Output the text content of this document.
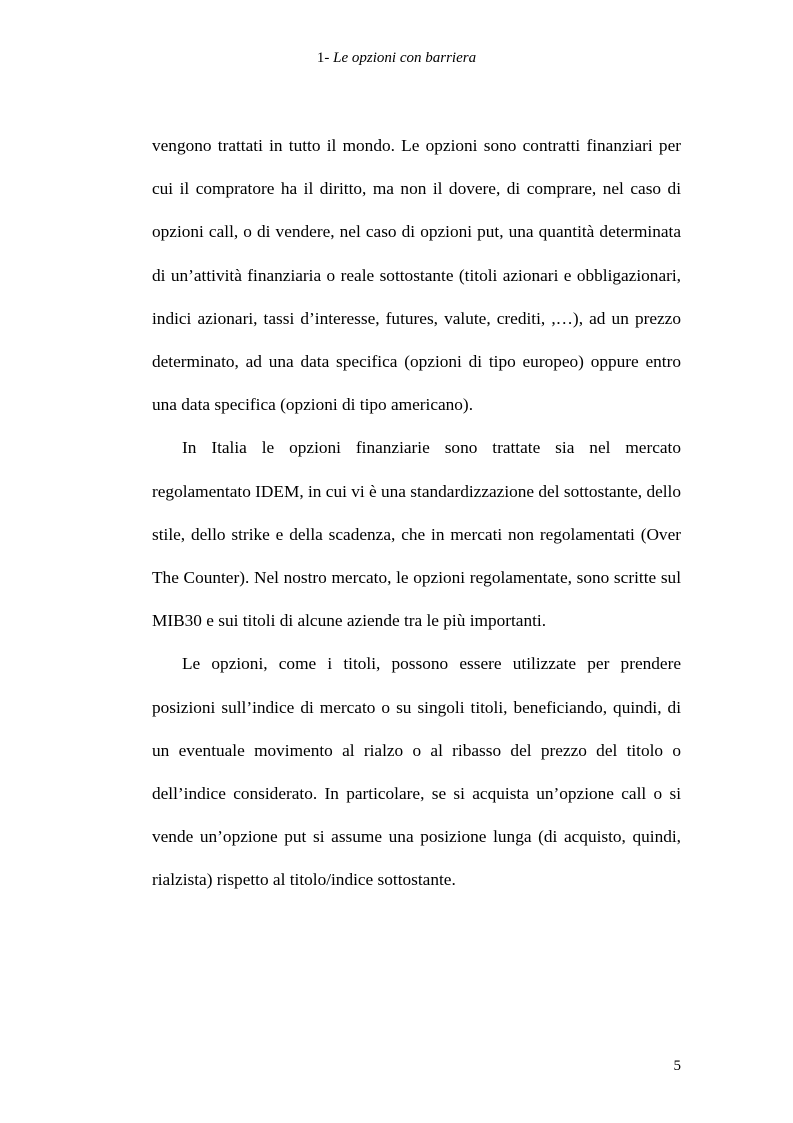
1- Le opzioni con barriera

vengono trattati in tutto il mondo. Le opzioni sono contratti finanziari per cui il compratore ha il diritto, ma non il dovere, di comprare, nel caso di opzioni call, o di vendere, nel caso di opzioni put, una quantità determinata di un’attività finanziaria o reale sottostante (titoli azionari e obbligazionari, indici azionari, tassi d’interesse, futures, valute, crediti, ,…), ad un prezzo determinato, ad una data specifica (opzioni di tipo europeo) oppure entro una data specifica (opzioni di tipo americano).

In Italia le opzioni finanziarie sono trattate sia nel mercato regolamentato IDEM, in cui vi è una standardizzazione del sottostante, dello stile, dello strike e della scadenza, che in mercati non regolamentati (Over The Counter). Nel nostro mercato, le opzioni regolamentate, sono scritte sul MIB30 e sui titoli di alcune aziende tra le più importanti.

Le opzioni, come i titoli, possono essere utilizzate per prendere posizioni sull’indice di mercato o su singoli titoli, beneficiando, quindi, di un eventuale movimento al rialzo o al ribasso del prezzo del titolo o dell’indice considerato. In particolare, se si acquista un’opzione call o si vende un’opzione put si assume una posizione lunga (di acquisto, quindi, rialzista) rispetto al titolo/indice sottostante.

5
